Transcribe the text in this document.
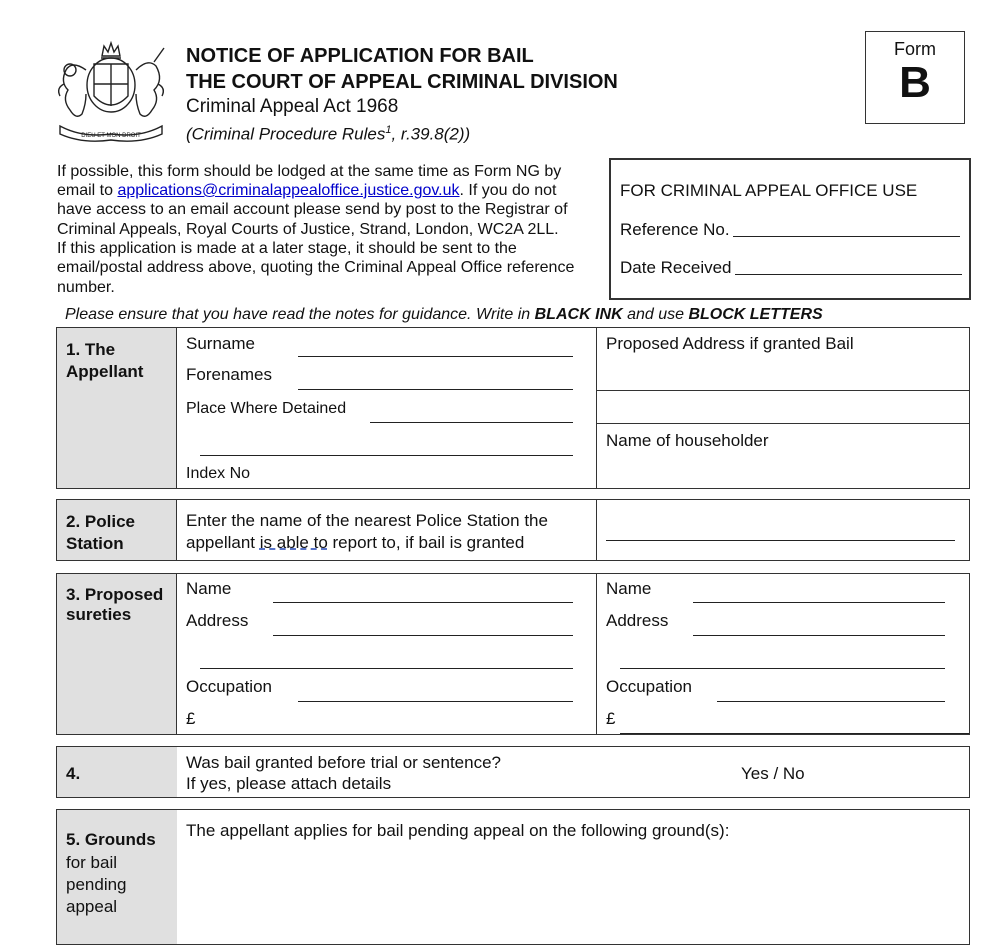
DIEU ET MON DROIT
NOTICE OF APPLICATION FOR BAIL
THE COURT OF APPEAL CRIMINAL DIVISION
Criminal Appeal Act 1968
(Criminal Procedure Rules$^1$, r.39.8(2))
Form
B
If possible, this form should be lodged at the same time as Form NG by
email to applications@criminalappealoffice.justice.gov.uk. If you do not
have access to an email account please send by post to the Registrar of
Criminal Appeals, Royal Courts of Justice, Strand, London, WC2A 2LL.
If this application is made at a later stage, it should be sent to the
email/postal address above, quoting the Criminal Appeal Office reference
number.
FOR CRIMINAL APPEAL OFFICE USE
Reference No.
Date Received
Please ensure that you have read the notes for guidance. Write in BLACK INK and use BLOCK LETTERS
1. The
Appellant
Surname
Forenames
Place Where Detained
Index No
Proposed Address if granted Bail
Name of householder
2. Police
Station
Enter the name of the nearest Police Station the
appellant is able to report to, if bail is granted
3. Proposed
sureties
Name
Address
Occupation
£
Name
Address
Occupation
£
4.
Was bail granted before trial or sentence?
If yes, please attach details
Yes / No
5. Grounds
for bail
pending
appeal
The appellant applies for bail pending appeal on the following ground(s):
